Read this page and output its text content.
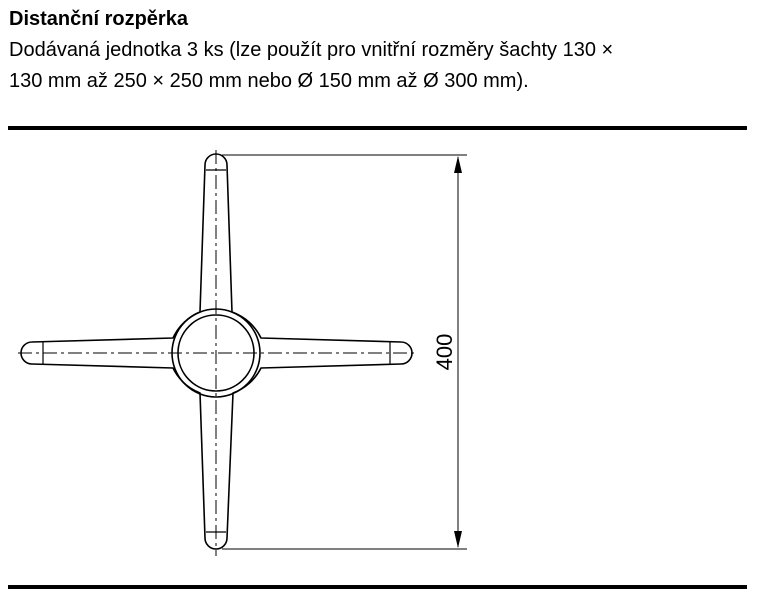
Distanční rozpěrka
Dodávaná jednotka 3 ks (lze použít pro vnitřní rozměry šachty 130 ×
130 mm až 250 × 250 mm nebo Ø 150 mm až Ø 300 mm).
400
